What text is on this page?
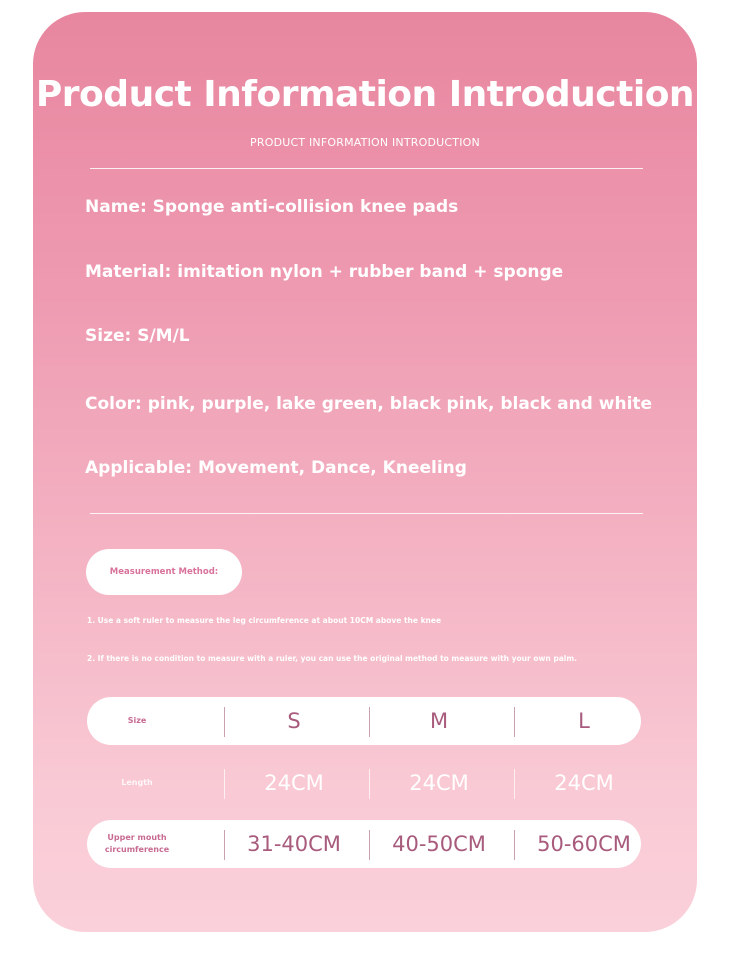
Product Information Introduction
PRODUCT INFORMATION INTRODUCTION
Name: Sponge anti-collision knee pads
Material: imitation nylon + rubber band + sponge
Size: S/M/L
Color: pink, purple, lake green, black pink, black and white
Applicable: Movement, Dance, Kneeling
Measurement Method:
1. Use a soft ruler to measure the leg circumference at about 10CM above the knee
2. If there is no condition to measure with a ruler, you can use the original method to measure with your own palm.
Size	S	M	L
Length	24CM	24CM	24CM
Upper mouth circumference	31-40CM	40-50CM	50-60CM
